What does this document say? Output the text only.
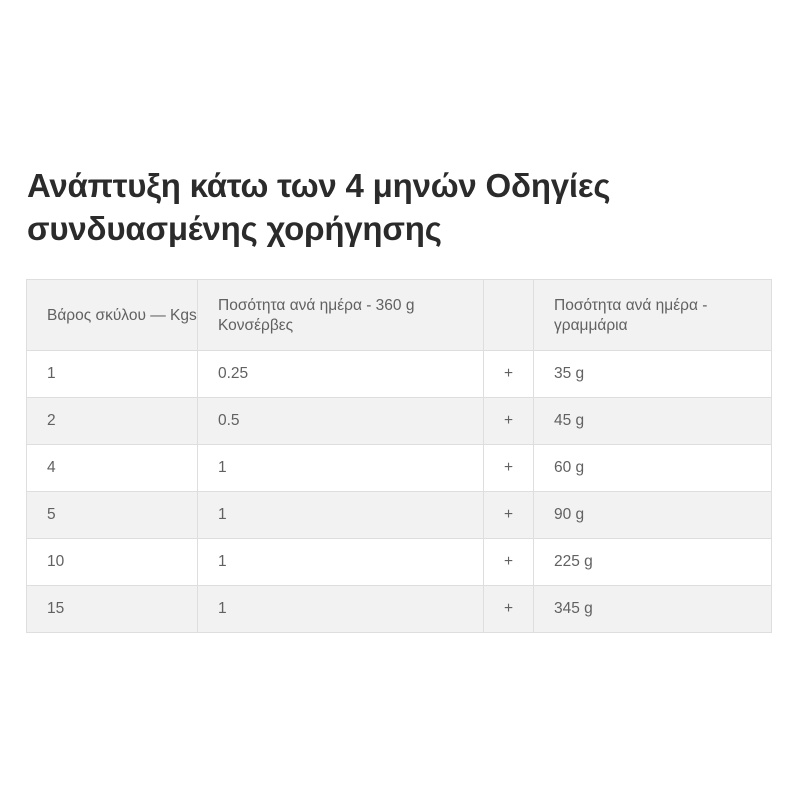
Ανάπτυξη κάτω των 4 μηνών Οδηγίες συνδυασμένης χορήγησης
Βάρος σκύλου — Kgs	Ποσότητα ανά ημέρα - 360 g Κονσέρβες		Ποσότητα ανά ημέρα - γραμμάρια
1	0.25	+	35 g
2	0.5	+	45 g
4	1	+	60 g
5	1	+	90 g
10	1	+	225 g
15	1	+	345 g
